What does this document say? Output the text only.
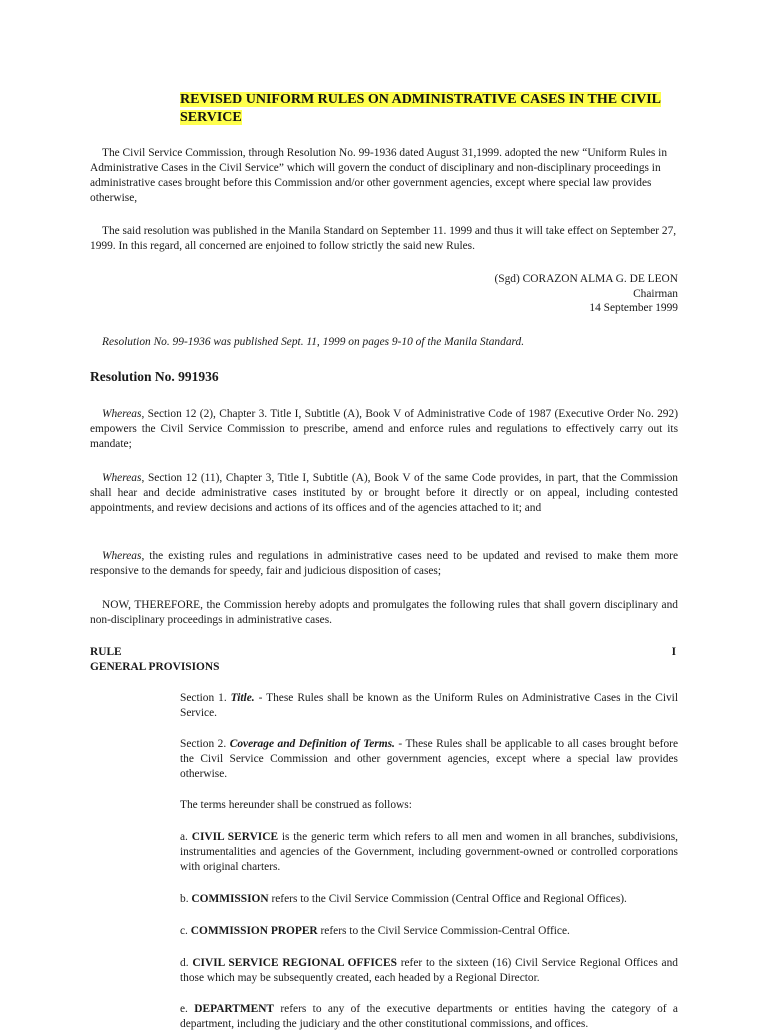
REVISED UNIFORM RULES ON ADMINISTRATIVE CASES IN THE CIVIL SERVICE

The Civil Service Commission, through Resolution No. 99-1936 dated August 31,1999. adopted the new “Uniform Rules in Administrative Cases in the Civil Service” which will govern the conduct of disciplinary and non-disciplinary proceedings in administrative cases brought before this Commission and/or other government agencies, except where special law provides otherwise,

The said resolution was published in the Manila Standard on September 11. 1999 and thus it will take effect on September 27, 1999. In this regard, all concerned are enjoined to follow strictly the said new Rules.

(Sgd) CORAZON ALMA G. DE LEON
Chairman
14 September 1999
Resolution No. 99-1936 was published Sept. 11, 1999 on pages 9-10 of the Manila Standard.
Resolution No. 991936

Whereas, Section 12 (2), Chapter 3. Title I, Subtitle (A), Book V of Administrative Code of 1987 (Executive Order No. 292) empowers the Civil Service Commission to prescribe, amend and enforce rules and regulations to effectively carry out its mandate;

Whereas, Section 12 (11), Chapter 3, Title I, Subtitle (A), Book V of the same Code provides, in part, that the Commission shall hear and decide administrative cases instituted by or brought before it directly or on appeal, including contested appointments, and review decisions and actions of its offices and of the agencies attached to it; and

Whereas, the existing rules and regulations in administrative cases need to be updated and revised to make them more responsive to the demands for speedy, fair and judicious disposition of cases;

NOW, THEREFORE, the Commission hereby adopts and promulgates the following rules that shall govern disciplinary and non-disciplinary proceedings in administrative cases.

RULE	I
GENERAL PROVISIONS

Section 1. Title. - These Rules shall be known as the Uniform Rules on Administrative Cases in the Civil Service.

Section 2. Coverage and Definition of Terms. - These Rules shall be applicable to all cases brought before the Civil Service Commission and other government agencies, except where a special law provides otherwise.

The terms hereunder shall be construed as follows:

a. CIVIL SERVICE is the generic term which refers to all men and women in all branches, subdivisions, instrumentalities and agencies of the Government, including government-owned or controlled corporations with original charters.

b. COMMISSION refers to the Civil Service Commission (Central Office and Regional Offices).

c. COMMISSION PROPER refers to the Civil Service Commission-Central Office.

d. CIVIL SERVICE REGIONAL OFFICES refer to the sixteen (16) Civil Service Regional Offices and those which may be subsequently created, each headed by a Regional Director.

e. DEPARTMENT refers to any of the executive departments or entities having the category of a department, including the judiciary and the other constitutional commissions, and offices.
